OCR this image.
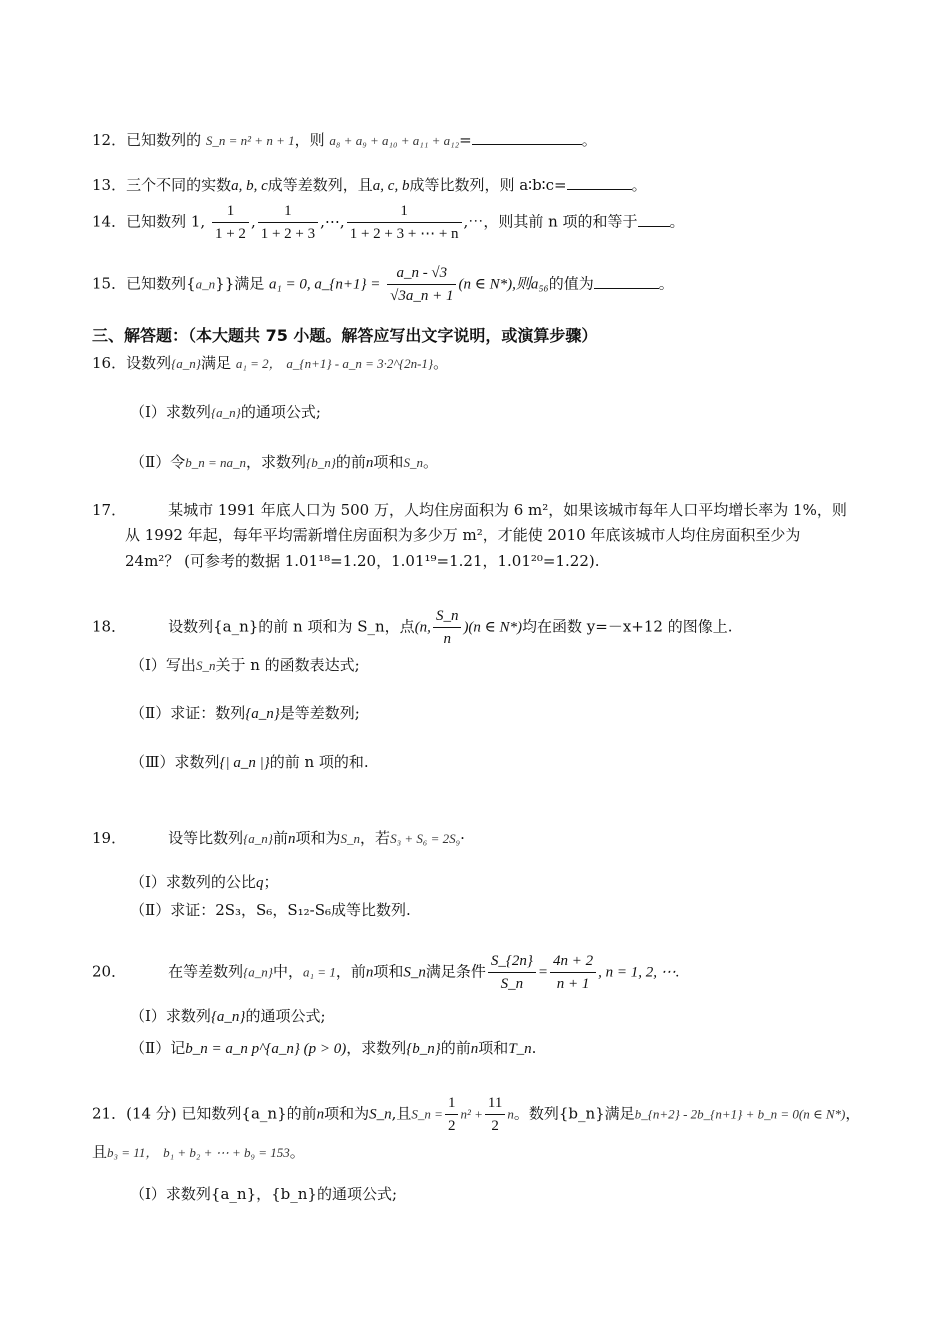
12．已知数列的 S_n = n² + n + 1，则 a₈ + a₉ + a₁₀ + a₁₁ + a₁₂=	。
13．三个不同的实数a, b, c成等差数列，且a, c, b成等比数列，则 a∶b∶c=	。
14．已知数列 1, $\frac{1}{1 + 2}$ , $\frac{1}{1 + 2 + 3}$ ,⋯, $\frac{1}{1 + 2 + 3 + \cdots + n}$ ,⋯，则其前 n 项的和等于 。
15．已知数列{a_n}}满足 a₁ = 0, a_{n+1} = $\frac{a\_n - √3}{√3a\_n + 1} (n$ ∈ N*),则a₅₆的值为	。
三、解答题：（本大题共 75 小题。解答应写出文字说明，或演算步骤）
16．设数列{a_n}满足 a₁ = 2， a_{n+1} - a_n = 3·2^{2n-1}。
（Ⅰ）求数列{a_n}的通项公式;
（Ⅱ）令b_n = na_n，求数列{b_n}的前n项和S_n。
17．	某城市 1991 年底人口为 500 万，人均住房面积为 6 m²，如果该城市每年人口平均增长率为 1%，则
从 1992 年起，每年平均需新增住房面积为多少万 m²，才能使 2010 年底该城市人均住房面积至少为
24m²？ (可参考的数据 1.01¹⁸=1.20，1.01¹⁹=1.21，1.01²⁰=1.22).
18．	设数列{a_n}的前 n 项和为 S_n，点(n, $\frac{S\_n}{n} )(n$ ∈ N*)均在函数 y=－x+12 的图像上.
（Ⅰ）写出S_n关于 n 的函数表达式;
（Ⅱ）求证：数列{a_n}是等差数列;
（Ⅲ）求数列{| a_n |}的前 n 项的和.
19．	设等比数列{a_n}前n项和为S_n，若S₃ + S₆ = 2S₉·
（Ⅰ）求数列的公比q；
（Ⅱ）求证：2S₃，S₆，S₁₂-S₆成等比数列.
20．	在等差数列{a_n}中，a₁ = 1，前n项和S_n满足条件 $\frac{S\_\{2n\}}{S\_n} = \frac{4n + 2}{n + 1}$ , n = 1, 2, ⋯.
（Ⅰ）求数列{a_n}的通项公式;
（Ⅱ）记b_n = a_n p^{a_n} (p > 0)，求数列{b_n}的前n项和T_n.
21．(14 分) 已知数列{a_n}的前n项和为S_n,且S_n = $\frac{1}{2} n^2 + \frac{11}{2}$ n。数列{b_n}满足b_{n+2} - 2b_{n+1} + b_n = 0(n ∈ N*)，
且b₃ = 11， b₁ + b₂ + ⋯ + b₉ = 153。
（Ⅰ）求数列{a_n}，{b_n}的通项公式;
